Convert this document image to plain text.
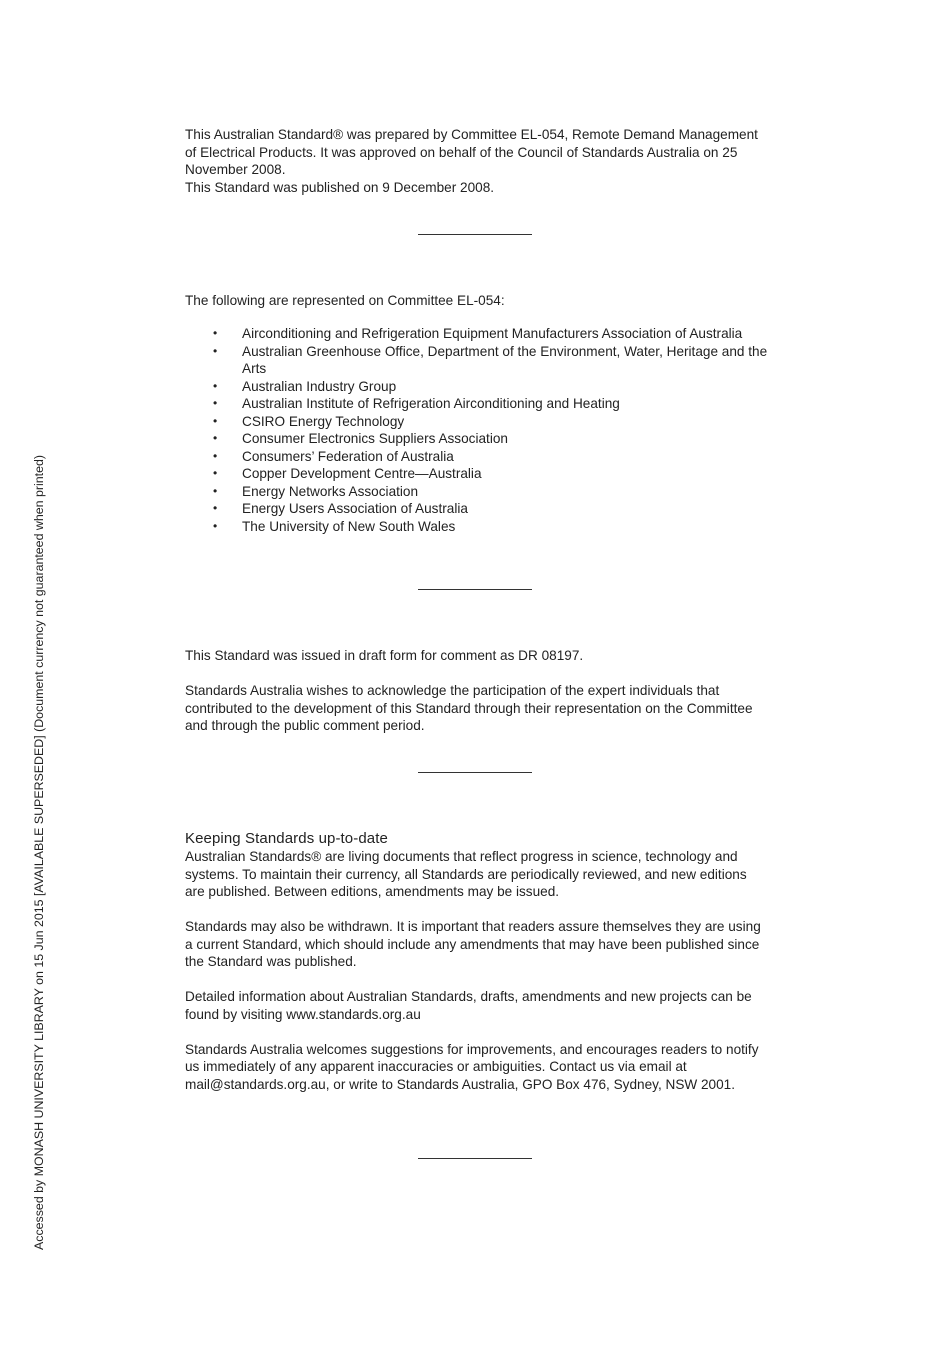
This Australian Standard® was prepared by Committee EL-054, Remote Demand Management of Electrical Products. It was approved on behalf of the Council of Standards Australia on 25 November 2008.

This Standard was published on 9 December 2008.

The following are represented on Committee EL-054:

• Airconditioning and Refrigeration Equipment Manufacturers Association of Australia
• Australian Greenhouse Office, Department of the Environment, Water, Heritage and the Arts
• Australian Industry Group
• Australian Institute of Refrigeration Airconditioning and Heating
• CSIRO Energy Technology
• Consumer Electronics Suppliers Association
• Consumers’ Federation of Australia
• Copper Development Centre—Australia
• Energy Networks Association
• Energy Users Association of Australia
• The University of New South Wales

This Standard was issued in draft form for comment as DR 08197.

Standards Australia wishes to acknowledge the participation of the expert individuals that contributed to the development of this Standard through their representation on the Committee and through the public comment period.

Keeping Standards up-to-date

Australian Standards® are living documents that reflect progress in science, technology and systems. To maintain their currency, all Standards are periodically reviewed, and new editions are published. Between editions, amendments may be issued.

Standards may also be withdrawn. It is important that readers assure themselves they are using a current Standard, which should include any amendments that may have been published since the Standard was published.

Detailed information about Australian Standards, drafts, amendments and new projects can be found by visiting www.standards.org.au

Standards Australia welcomes suggestions for improvements, and encourages readers to notify us immediately of any apparent inaccuracies or ambiguities. Contact us via email at mail@standards.org.au, or write to Standards Australia, GPO Box 476, Sydney, NSW 2001.

Accessed by MONASH UNIVERSITY LIBRARY on 15 Jun 2015 [AVAILABLE SUPERSEDED] (Document currency not guaranteed when printed)
